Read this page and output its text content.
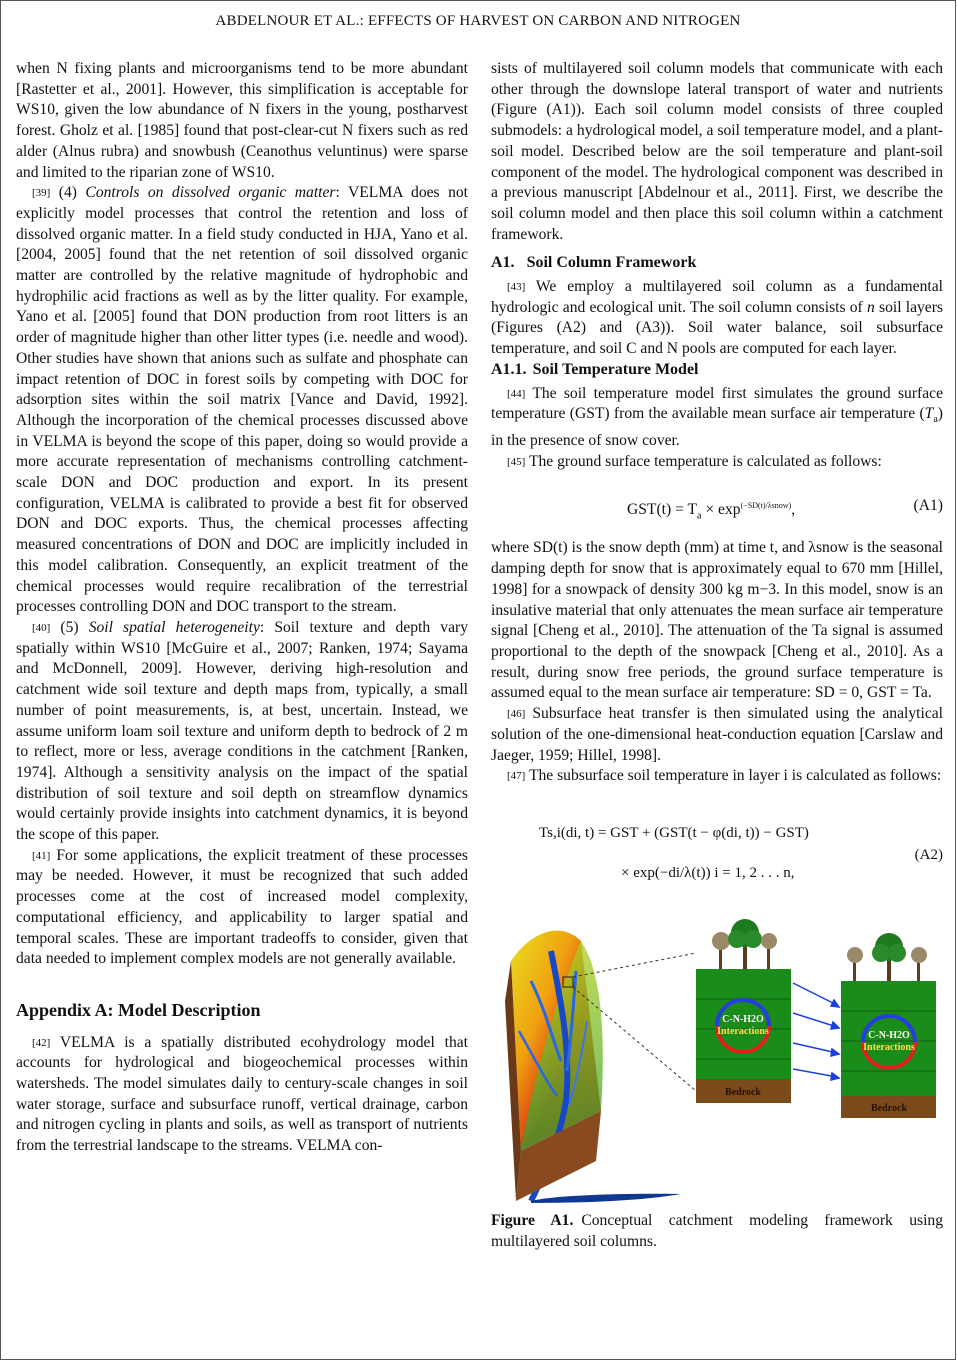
ABDELNOUR ET AL.: EFFECTS OF HARVEST ON CARBON AND NITROGEN

when N fixing plants and microorganisms tend to be more abundant [Rastetter et al., 2001]. However, this simplification is acceptable for WS10, given the low abundance of N fixers in the young, postharvest forest. Gholz et al. [1985] found that post-clear-cut N fixers such as red alder (Alnus rubra) and snowbush (Ceanothus veluntinus) were sparse and limited to the riparian zone of WS10.

[39] (4) Controls on dissolved organic matter: VELMA does not explicitly model processes that control the retention and loss of dissolved organic matter. In a field study conducted in HJA, Yano et al. [2004, 2005] found that the net retention of soil dissolved organic matter are controlled by the relative magnitude of hydrophobic and hydrophilic acid fractions as well as by the litter quality. For example, Yano et al. [2005] found that DON production from root litters is an order of magnitude higher than other litter types (i.e. needle and wood). Other studies have shown that anions such as sulfate and phosphate can impact retention of DOC in forest soils by competing with DOC for adsorption sites within the soil matrix [Vance and David, 1992]. Although the incorporation of the chemical processes discussed above in VELMA is beyond the scope of this paper, doing so would provide a more accurate representation of mechanisms controlling catchment-scale DON and DOC production and export. In its present configuration, VELMA is calibrated to provide a best fit for observed DON and DOC exports. Thus, the chemical processes affecting measured concentrations of DON and DOC are implicitly included in this model calibration. Consequently, an explicit treatment of the chemical processes would require recalibration of the terrestrial processes controlling DON and DOC transport to the stream.

[40] (5) Soil spatial heterogeneity: Soil texture and depth vary spatially within WS10 [McGuire et al., 2007; Ranken, 1974; Sayama and McDonnell, 2009]. However, deriving high-resolution and catchment wide soil texture and depth maps from, typically, a small number of point measurements, is, at best, uncertain. Instead, we assume uniform loam soil texture and uniform depth to bedrock of 2 m to reflect, more or less, average conditions in the catchment [Ranken, 1974]. Although a sensitivity analysis on the impact of the spatial distribution of soil texture and soil depth on streamflow dynamics would certainly provide insights into catchment dynamics, it is beyond the scope of this paper.

[41] For some applications, the explicit treatment of these processes may be needed. However, it must be recognized that such added processes come at the cost of increased model complexity, computational efficiency, and applicability to larger spatial and temporal scales. These are important tradeoffs to consider, given that data needed to implement complex models are not generally available.

Appendix A: Model Description

[42] VELMA is a spatially distributed ecohydrology model that accounts for hydrological and biogeochemical processes within watersheds. The model simulates daily to century-scale changes in soil water storage, surface and subsurface runoff, vertical drainage, carbon and nitrogen cycling in plants and soils, as well as transport of nutrients from the terrestrial landscape to the streams. VELMA con-

sists of multilayered soil column models that communicate with each other through the downslope lateral transport of water and nutrients (Figure (A1)). Each soil column model consists of three coupled submodels: a hydrological model, a soil temperature model, and a plant-soil model. Described below are the soil temperature and plant-soil component of the model. The hydrological component was described in a previous manuscript [Abdelnour et al., 2011]. First, we describe the soil column model and then place this soil column within a catchment framework.

A1. Soil Column Framework

[43] We employ a multilayered soil column as a fundamental hydrologic and ecological unit. The soil column consists of n soil layers (Figures (A2) and (A3)). Soil water balance, soil subsurface temperature, and soil C and N pools are computed for each layer.

A1.1. Soil Temperature Model

[44] The soil temperature model first simulates the ground surface temperature (GST) from the available mean surface air temperature $(T_a)$ in the presence of snow cover.

[45] The ground surface temperature is calculated as follows:

$GST(t) = T_a \times \exp^{(-SD(t)/\lambda snow)}$,	(A1)

where SD(t) is the snow depth (mm) at time t, and λsnow is the seasonal damping depth for snow that is approximately equal to 670 mm [Hillel, 1998] for a snowpack of density 300 kg m−3. In this model, snow is an insulative material that only attenuates the mean surface air temperature signal [Cheng et al., 2010]. The attenuation of the Ta signal is assumed proportional to the depth of the snowpack [Cheng et al., 2010]. As a result, during snow free periods, the ground surface temperature is assumed equal to the mean surface air temperature: SD = 0, GST = Ta.

[46] Subsurface heat transfer is then simulated using the analytical solution of the one-dimensional heat-conduction equation [Carslaw and Jaeger, 1959; Hillel, 1998].

[47] The subsurface soil temperature in layer i is calculated as follows:

Ts,i(di, t) = GST + (GST(t − φ(di, t)) − GST)
× exp(−di/λ(t)) i = 1, 2 . . . n,
(A2)
C-N-H2O
Interactions
Bedrock
C-N-H2O
Interactions
Bedrock

Figure A1. Conceptual catchment modeling framework using multilayered soil columns.
